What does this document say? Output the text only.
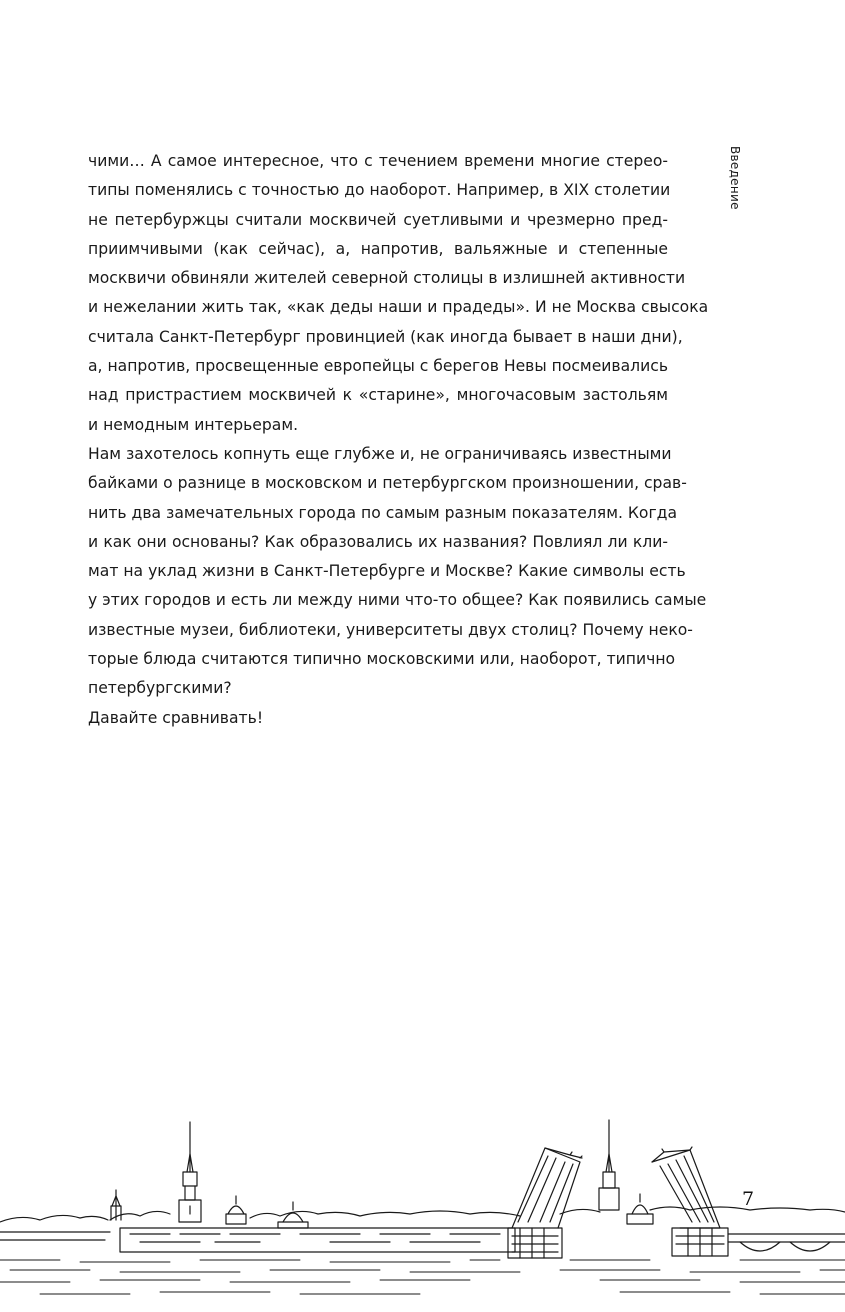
Введение
чими… А самое интересное, что с течением времени многие стерео-
типы поменялись с точностью до наоборот. Например, в XIX столетии
не петербуржцы считали москвичей суетливыми и чрезмерно пред-
приимчивыми (как сейчас), а, напротив, вальяжные и степенные
москвичи обвиняли жителей северной столицы в излишней активности
и нежелании жить так, «как деды наши и прадеды». И не Москва свысока
считала Санкт-Петербург провинцией (как иногда бывает в наши дни),
а, напротив, просвещенные европейцы с берегов Невы посмеивались
над пристрастием москвичей к «старине», многочасовым застольям
и немодным интерьерам.
Нам захотелось копнуть еще глубже и, не ограничиваясь известными
байками о разнице в московском и петербургском произношении, срав-
нить два замечательных города по самым разным показателям. Когда
и как они основаны? Как образовались их названия? Повлиял ли кли-
мат на уклад жизни в Санкт-Петербурге и Москве? Какие символы есть
у этих городов и есть ли между ними что-то общее? Как появились самые
известные музеи, библиотеки, университеты двух столиц? Почему неко-
торые блюда считаются типично московскими или, наоборот, типично
петербургскими?
Давайте сравнивать!
7
